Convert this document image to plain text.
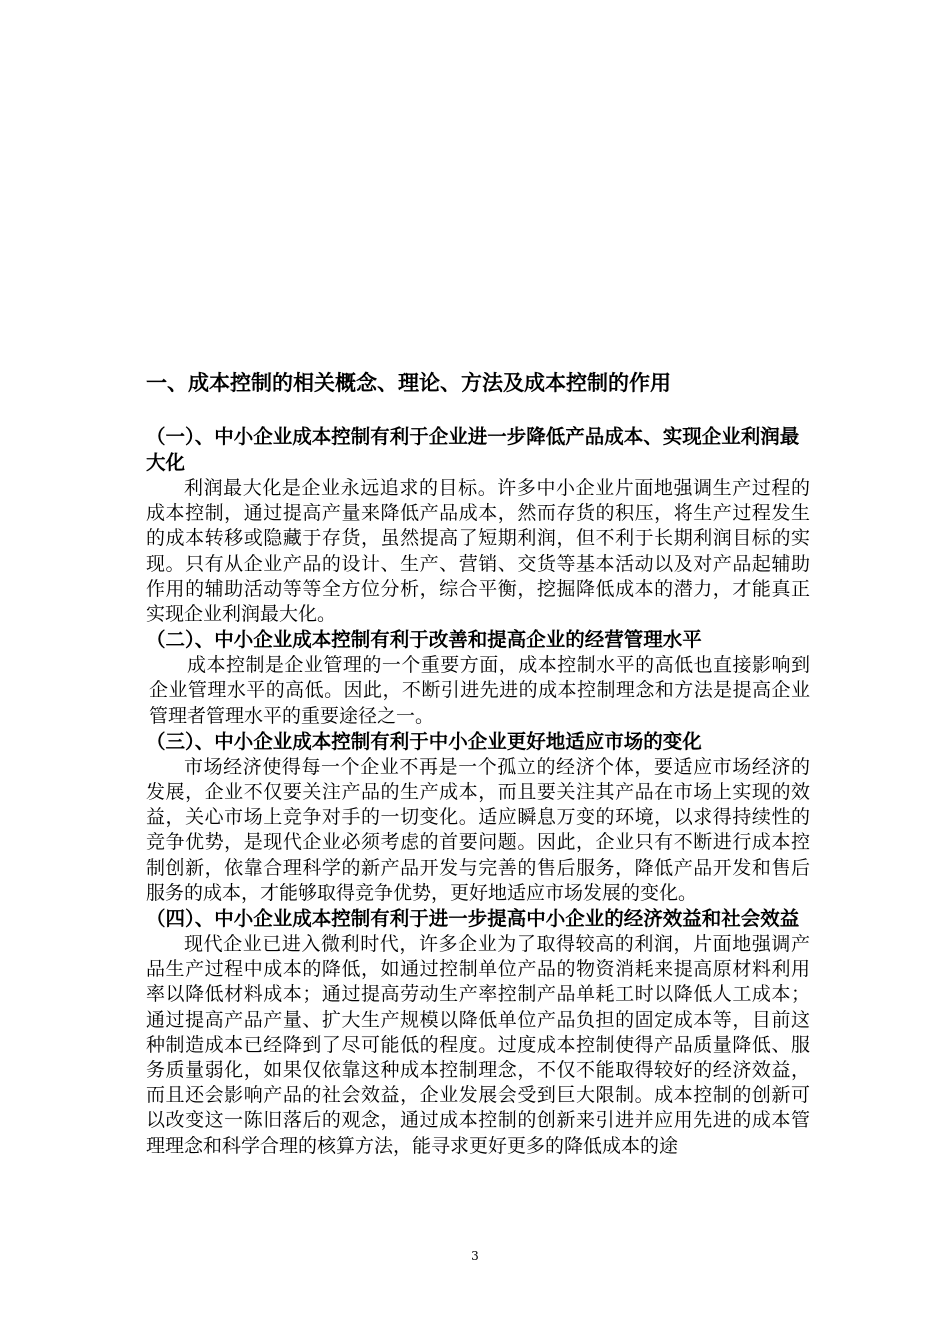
一、成本控制的相关概念、理论、方法及成本控制的作用
（一）、中小企业成本控制有利于企业进一步降低产品成本、实现企业利润最大化

利润最大化是企业永远追求的目标。许多中小企业片面地强调生产过程的成本控制，通过提高产量来降低产品成本，然而存货的积压，将生产过程发生的成本转移或隐藏于存货，虽然提高了短期利润，但不利于长期利润目标的实现。只有从企业产品的设计、生产、营销、交货等基本活动以及对产品起辅助作用的辅助活动等等全方位分析，综合平衡，挖掘降低成本的潜力，才能真正实现企业利润最大化。

（二）、中小企业成本控制有利于改善和提高企业的经营管理水平

成本控制是企业管理的一个重要方面，成本控制水平的高低也直接影响到企业管理水平的高低。因此，不断引进先进的成本控制理念和方法是提高企业管理者管理水平的重要途径之一。

（三）、中小企业成本控制有利于中小企业更好地适应市场的变化

市场经济使得每一个企业不再是一个孤立的经济个体，要适应市场经济的发展，企业不仅要关注产品的生产成本，而且要关注其产品在市场上实现的效益，关心市场上竞争对手的一切变化。适应瞬息万变的环境，以求得持续性的竞争优势，是现代企业必须考虑的首要问题。因此，企业只有不断进行成本控制创新，依靠合理科学的新产品开发与完善的售后服务，降低产品开发和售后服务的成本，才能够取得竞争优势，更好地适应市场发展的变化。

（四）、中小企业成本控制有利于进一步提高中小企业的经济效益和社会效益

现代企业已进入微利时代，许多企业为了取得较高的利润，片面地强调产品生产过程中成本的降低，如通过控制单位产品的物资消耗来提高原材料利用率以降低材料成本；通过提高劳动生产率控制产品单耗工时以降低人工成本；通过提高产品产量、扩大生产规模以降低单位产品负担的固定成本等，目前这种制造成本已经降到了尽可能低的程度。过度成本控制使得产品质量降低、服务质量弱化，如果仅依靠这种成本控制理念，不仅不能取得较好的经济效益，而且还会影响产品的社会效益，企业发展会受到巨大限制。成本控制的创新可以改变这一陈旧落后的观念，通过成本控制的创新来引进并应用先进的成本管理理念和科学合理的核算方法，能寻求更好更多的降低成本的途

3
